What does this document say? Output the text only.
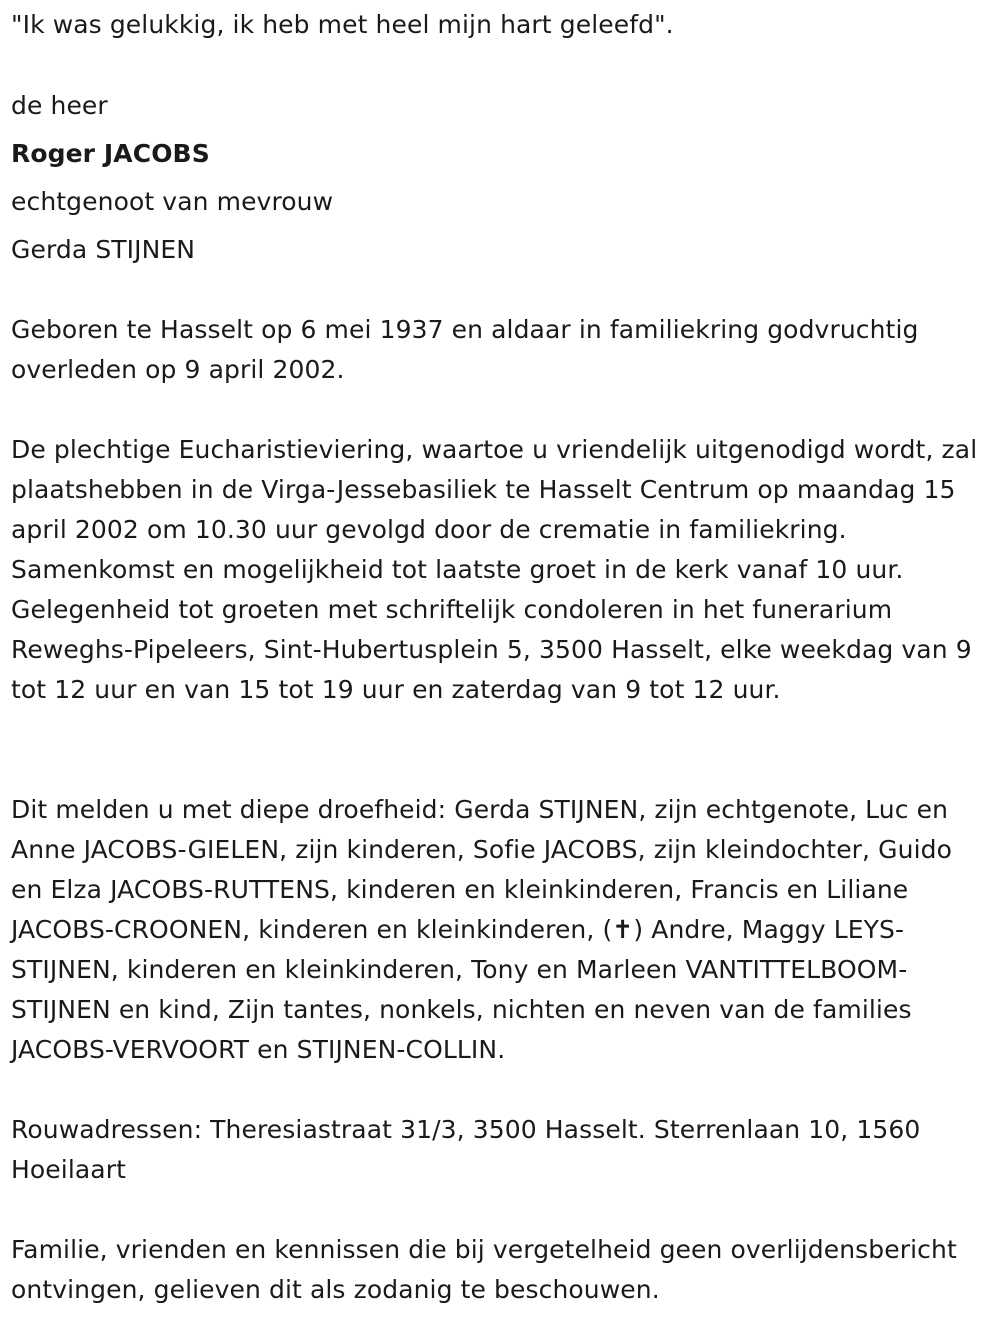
"Ik was gelukkig, ik heb met heel mijn hart geleefd".

de heer

Roger JACOBS

echtgenoot van mevrouw

Gerda STIJNEN

Geboren te Hasselt op 6 mei 1937 en aldaar in familiekring godvruchtig overleden op 9 april 2002.

De plechtige Eucharistieviering, waartoe u vriendelijk uitgenodigd wordt, zal plaatshebben in de Virga-Jessebasiliek te Hasselt Centrum op maandag 15 april 2002 om 10.30 uur gevolgd door de crematie in familiekring. Samenkomst en mogelijkheid tot laatste groet in de kerk vanaf 10 uur. Gelegenheid tot groeten met schriftelijk condoleren in het funerarium Reweghs-Pipeleers, Sint-Hubertusplein 5, 3500 Hasselt, elke weekdag van 9 tot 12 uur en van 15 tot 19 uur en zaterdag van 9 tot 12 uur.

Dit melden u met diepe droefheid: Gerda STIJNEN, zijn echtgenote, Luc en Anne JACOBS-GIELEN, zijn kinderen, Sofie JACOBS, zijn kleindochter, Guido en Elza JACOBS-RUTTENS, kinderen en kleinkinderen, Francis en Liliane JACOBS-CROONEN, kinderen en kleinkinderen, (✝) Andre, Maggy LEYS-STIJNEN, kinderen en kleinkinderen, Tony en Marleen VANTITTELBOOM-STIJNEN en kind, Zijn tantes, nonkels, nichten en neven van de families JACOBS-VERVOORT en STIJNEN-COLLIN.

Rouwadressen: Theresiastraat 31/3, 3500 Hasselt. Sterrenlaan 10, 1560 Hoeilaart

Familie, vrienden en kennissen die bij vergetelheid geen overlijdensbericht ontvingen, gelieven dit als zodanig te beschouwen.
